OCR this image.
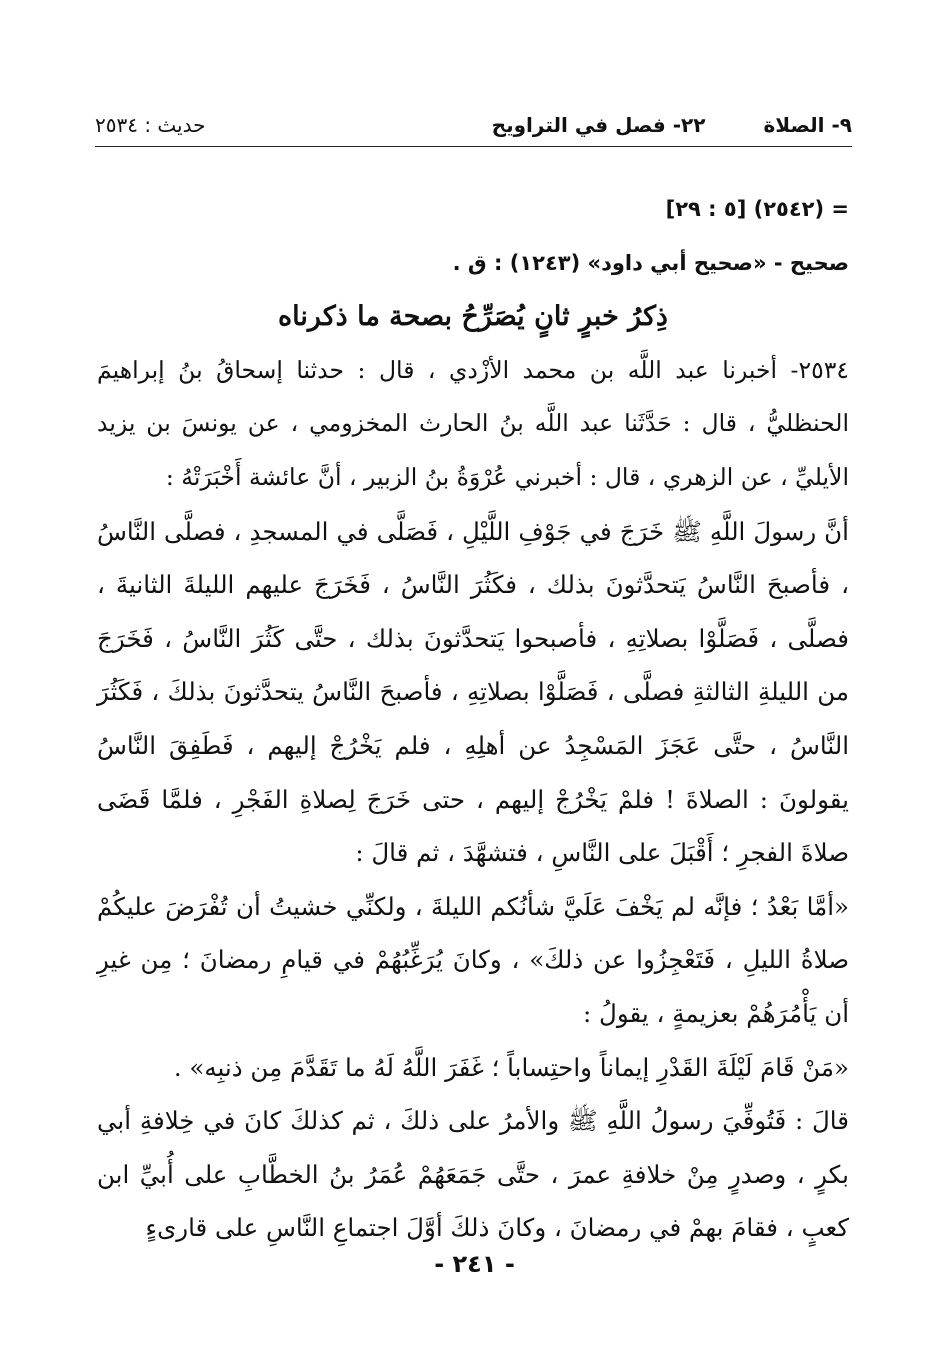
٩- الصلاة
٢٢- فصل في التراويح
حديث : ٢٥٣٤

= (٢٥٤٢) [٥ : ٢٩]

صحيح - «صحيح أبي داود» (١٢٤٣) : ق .

ذِكرُ خبرٍ ثانٍ يُصَرِّحُ بصحة ما ذكرناه

٢٥٣٤- أخبرنا عبد اللَّه بن محمد الأزْدي ، قال : حدثنا إسحاقُ بنُ إبراهيمَ الحنظليُّ ، قال : حَدَّثَنا عبد اللَّه بنُ الحارث المخزومي ، عن يونسَ بن يزيد الأيليِّ ، عن الزهري ، قال : أخبرني عُرْوَةُ بنُ الزبير ، أنَّ عائشة أَخْبَرَتْهُ :

أنَّ رسولَ اللَّهِ ﷺ خَرَجَ في جَوْفِ اللَّيْلِ ، فَصَلَّى في المسجدِ ، فصلَّى النَّاسُ ، فأصبحَ النَّاسُ يَتحدَّثونَ بذلك ، فكَثُرَ النَّاسُ ، فَخَرَجَ عليهم الليلةَ الثانيةَ ، فصلَّى ، فَصَلَّوْا بصلاتِهِ ، فأصبحوا يَتحدَّثونَ بذلك ، حتَّى كَثُرَ النَّاسُ ، فَخَرَجَ من الليلةِ الثالثةِ فصلَّى ، فَصَلَّوْا بصلاتِهِ ، فأصبحَ النَّاسُ يتحدَّثونَ بذلكَ ، فَكَثُرَ النَّاسُ ، حتَّى عَجَزَ المَسْجِدُ عن أهلِهِ ، فلم يَخْرُجْ إليهم ، فَطَفِقَ النَّاسُ يقولونَ : الصلاةَ ! فلمْ يَخْرُجْ إليهم ، حتى خَرَجَ لِصلاةِ الفَجْرِ ، فلمَّا قَضَى صلاةَ الفجرِ ؛ أَقْبَلَ على النَّاسِ ، فتشهَّدَ ، ثم قالَ :

«أمَّا بَعْدُ ؛ فإنَّه لم يَخْفَ عَلَيَّ شأنُكم الليلةَ ، ولكنِّي خشيتُ أن تُفْرَضَ عليكُمْ صلاةُ الليلِ ، فَتَعْجِزُوا عن ذلكَ» ، وكانَ يُرَغِّبُهُمْ في قيامِ رمضانَ ؛ مِن غيرِ أن يَأْمُرَهُمْ بعزيمةٍ ، يقولُ :

«مَنْ قَامَ لَيْلَةَ القَدْرِ إيماناً واحتِساباً ؛ غَفَرَ اللَّهُ لَهُ ما تَقَدَّمَ مِن ذنبِه» .

قالَ : فَتُوفِّيَ رسولُ اللَّهِ ﷺ والأمرُ على ذلكَ ، ثم كذلكَ كانَ في خِلافةِ أبي بكرٍ ، وصدرٍ مِنْ خلافةِ عمرَ ، حتَّى جَمَعَهُمْ عُمَرُ بنُ الخطَّابِ على أُبيِّ ابن كعبٍ ، فقامَ بهمْ في رمضانَ ، وكانَ ذلكَ أوَّلَ اجتماعِ النَّاسِ على قارىءٍ

- ٢٤١ -
